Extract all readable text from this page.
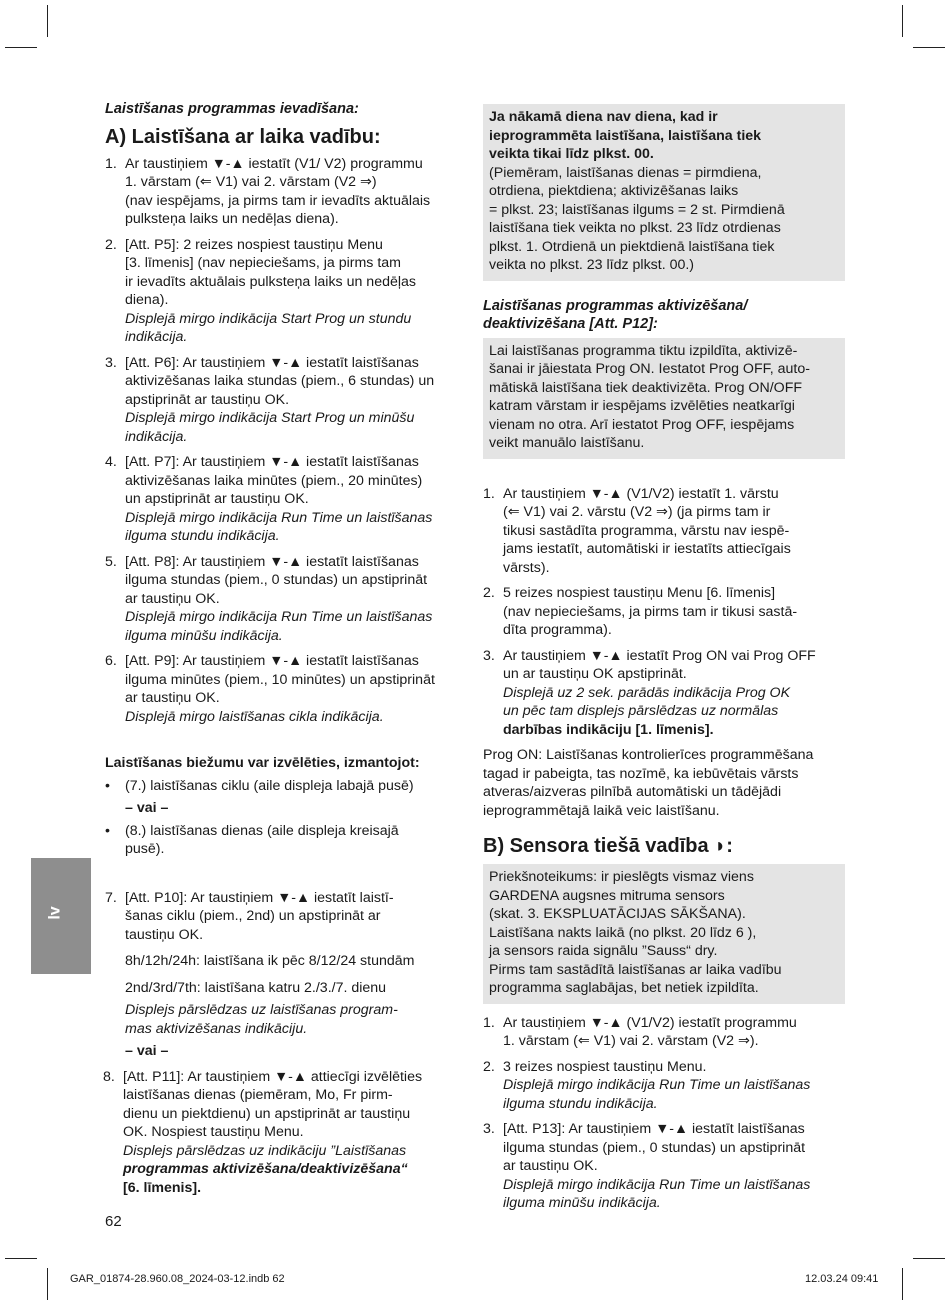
lv
Laistīšanas programmas ievadīšana:
A) Laistīšana ar laika vadību:
1. Ar taustiņiem ▼-▲ iestatīt (V1/ V2) programmu
1. vārstam (⇐ V1) vai 2. vārstam (V2 ⇒)
(nav iespējams, ja pirms tam ir ievadīts aktuālais
pulksteņa laiks un nedēļas diena).
2. [Att. P5]: 2 reizes nospiest taustiņu Menu
[3. līmenis] (nav nepieciešams, ja pirms tam
ir ievadīts aktuālais pulksteņa laiks un nedēļas
diena).
Displejā mirgo indikācija Start Prog un stundu
indikācija.
3. [Att. P6]: Ar taustiņiem ▼-▲ iestatīt laistīšanas
aktivizēšanas laika stundas (piem., 6 stundas) un
apstiprināt ar taustiņu OK.
Displejā mirgo indikācija Start Prog un minūšu
indikācija.
4. [Att. P7]: Ar taustiņiem ▼-▲ iestatīt laistīšanas
aktivizēšanas laika minūtes (piem., 20 minūtes)
un apstiprināt ar taustiņu OK.
Displejā mirgo indikācija Run Time un laistīšanas
ilguma stundu indikācija.
5. [Att. P8]: Ar taustiņiem ▼-▲ iestatīt laistīšanas
ilguma stundas (piem., 0 stundas) un apstiprināt
ar taustiņu OK.
Displejā mirgo indikācija Run Time un laistīšanas
ilguma minūšu indikācija.
6. [Att. P9]: Ar taustiņiem ▼-▲ iestatīt laistīšanas
ilguma minūtes (piem., 10 minūtes) un apstiprināt
ar taustiņu OK.
Displejā mirgo laistīšanas cikla indikācija.
Laistīšanas biežumu var izvēlēties, izmantojot:
•	(7.) laistīšanas ciklu (aile displeja labajā pusē)
– vai –
•	(8.) laistīšanas dienas (aile displeja kreisajā
pusē).
7. [Att. P10]: Ar taustiņiem ▼-▲ iestatīt laistī-
šanas ciklu (piem., 2nd) un apstiprināt ar
taustiņu OK.
8h/12h/24h: laistīšana ik pēc 8/12/24 stundām
2nd/3rd/7th: laistīšana katru 2./3./7. dienu
Displejs pārslēdzas uz laistīšanas program-
mas aktivizēšanas indikāciju.
– vai –
8. [Att. P11]: Ar taustiņiem ▼-▲ attiecīgi izvēlēties
laistīšanas dienas (piemēram, Mo, Fr pirm-
dienu un piektdienu) un apstiprināt ar taustiņu
OK. Nospiest taustiņu Menu.
Displejs pārslēdzas uz indikāciju ”Laistīšanas
programmas aktivizēšana/deaktivizēšana“
[6. līmenis].
Ja nākamā diena nav diena, kad ir
ieprogrammēta laistīšana, laistīšana tiek
veikta tikai līdz plkst. 00.
(Piemēram, laistīšanas dienas = pirmdiena,
otrdiena, piektdiena; aktivizēšanas laiks
= plkst. 23; laistīšanas ilgums = 2 st. Pirmdienā
laistīšana tiek veikta no plkst. 23 līdz otrdienas
plkst. 1. Otrdienā un piektdienā laistīšana tiek
veikta no plkst. 23 līdz plkst. 00.)
Laistīšanas programmas aktivizēšana/
deaktivizēšana [Att. P12]:
Lai laistīšanas programma tiktu izpildīta, aktivizē-
šanai ir jāiestata Prog ON. Iestatot Prog OFF, auto-
mātiskā laistīšana tiek deaktivizēta. Prog ON/OFF
katram vārstam ir iespējams izvēlēties neatkarīgi
vienam no otra. Arī iestatot Prog OFF, iespējams
veikt manuālo laistīšanu.
1. Ar taustiņiem ▼-▲ (V1/V2) iestatīt 1. vārstu
(⇐ V1) vai 2. vārstu (V2 ⇒) (ja pirms tam ir
tikusi sastādīta programma, vārstu nav iespē-
jams iestatīt, automātiski ir iestatīts attiecīgais
vārsts).
2. 5 reizes nospiest taustiņu Menu [6. līmenis]
(nav nepieciešams, ja pirms tam ir tikusi sastā-
dīta programma).
3. Ar taustiņiem ▼-▲ iestatīt Prog ON vai Prog OFF
un ar taustiņu OK apstiprināt.
Displejā uz 2 sek. parādās indikācija Prog OK
un pēc tam displejs pārslēdzas uz normālas
darbības indikāciju [1. līmenis].
Prog ON: Laistīšanas kontrolierīces programmēšana
tagad ir pabeigta, tas nozīmē, ka iebūvētais vārsts
atveras/aizveras pilnībā automātiski un tādējādi
ieprogrammētajā laikā veic laistīšanu.
B) Sensora tiešā vadība ◗:
Priekšnoteikums: ir pieslēgts vismaz viens
GARDENA augsnes mitruma sensors
(skat. 3. EKSPLUATĀCIJAS SĀKŠANA).
Laistīšana nakts laikā (no plkst. 20 līdz 6 ),
ja sensors raida signālu ”Sauss“ dry.
Pirms tam sastādītā laistīšanas ar laika vadību
programma saglabājas, bet netiek izpildīta.
1. Ar taustiņiem ▼-▲ (V1/V2) iestatīt programmu
1. vārstam (⇐ V1) vai 2. vārstam (V2 ⇒).
2. 3 reizes nospiest taustiņu Menu.
Displejā mirgo indikācija Run Time un laistīšanas
ilguma stundu indikācija.
3. [Att. P13]: Ar taustiņiem ▼-▲ iestatīt laistīšanas
ilguma stundas (piem., 0 stundas) un apstiprināt
ar taustiņu OK.
Displejā mirgo indikācija Run Time un laistīšanas
ilguma minūšu indikācija.
62
GAR_01874-28.960.08_2024-03-12.indb 62	12.03.24 09:41
